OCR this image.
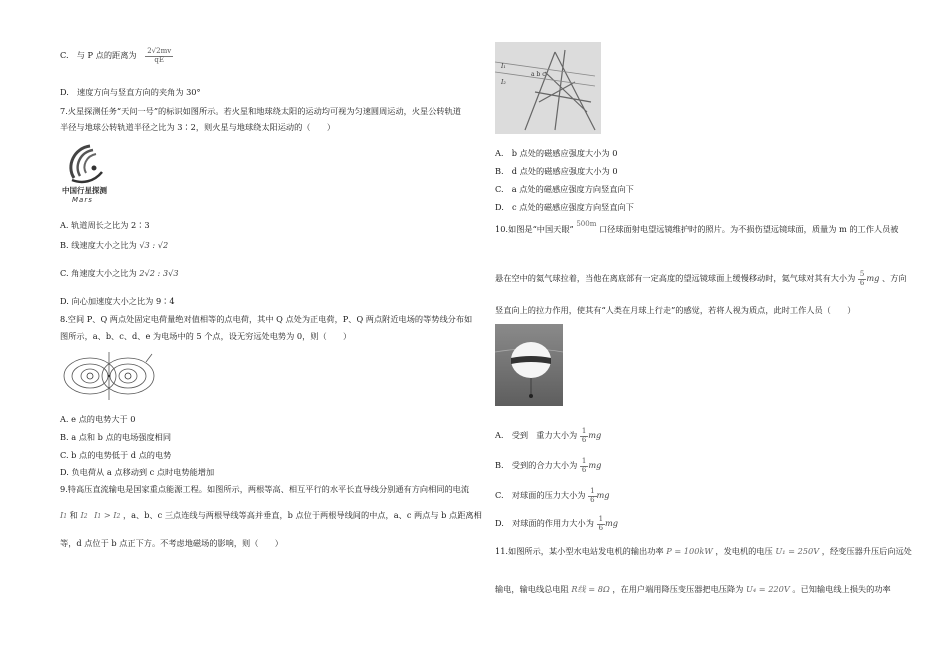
C.　与 P 点的距离为 $\frac{2√2mv}{qE}$
D.　速度方向与竖直方向的夹角为 30°
7.火星探测任务“天问一号”的标识如图所示。若火星和地球绕太阳的运动均可视为匀速圆周运动，火星公转轨道
半径与地球公转轨道半径之比为 3∶2，则火星与地球绕太阳运动的（　　）
中国行星探测
Mars
A. 轨道周长之比为 2∶3
B. 线速度大小之比为 √3 : √2
C. 角速度大小之比为 2√2 : 3√3
D. 向心加速度大小之比为 9∶4
8.空间 P、Q 两点处固定电荷量绝对值相等的点电荷，其中 Q 点处为正电荷，P、Q 两点附近电场的等势线分布如
图所示，a、b、c、d、e 为电场中的 5 个点，设无穷远处电势为 0，则（　　）
A. e 点的电势大于 0
B. a 点和 b 点的电场强度相同
C. b 点的电势低于 d 点的电势
D. 负电荷从 a 点移动到 c 点时电势能增加
9.特高压直流输电是国家重点能源工程。如图所示，两根等高、相互平行的水平长直导线分别通有方向相同的电流
I1 和 I2 I1 > I2 ，a、b、c 三点连线与两根导线等高并垂直，b 点位于两根导线间的中点，a、c 两点与 b 点距离相
等，d 点位于 b 点正下方。不考虑地磁场的影响，则（　　）
I₁
I₂
a b c
A.　b 点处的磁感应强度大小为 0
B.　d 点处的磁感应强度大小为 0
C.　a 点处的磁感应强度方向竖直向下
D.　c 点处的磁感应强度方向竖直向下
10.如图是“中国天眼” 500m 口径球面射电望远镜维护时的照片。为不损伤望远镜球面，质量为 m 的工作人员被
悬在空中的氦气球拉着，当他在离底部有一定高度的望远镜球面上缓慢移动时，氦气球对其有大小为 $\frac{5}{6}$ mg 、方向
竖直向上的拉力作用，使其有“人类在月球上行走”的感觉，若将人视为质点，此时工作人员（　　）
A.　受到　重力大小为 $\frac{1}{6}$ mg
B.　受到的合力大小为 $\frac{1}{6}$ mg
C.　对球面的压力大小为 $\frac{1}{6}$ mg
D.　对球面的作用力大小为 $\frac{1}{6}$ mg
11.如图所示，某小型水电站发电机的输出功率 P = 100kW ，发电机的电压 U₁ = 250V ，经变压器升压后向远处
输电，输电线总电阻 R线 = 8Ω ，在用户端用降压变压器把电压降为 U₄ = 220V 。已知输电线上损失的功率
